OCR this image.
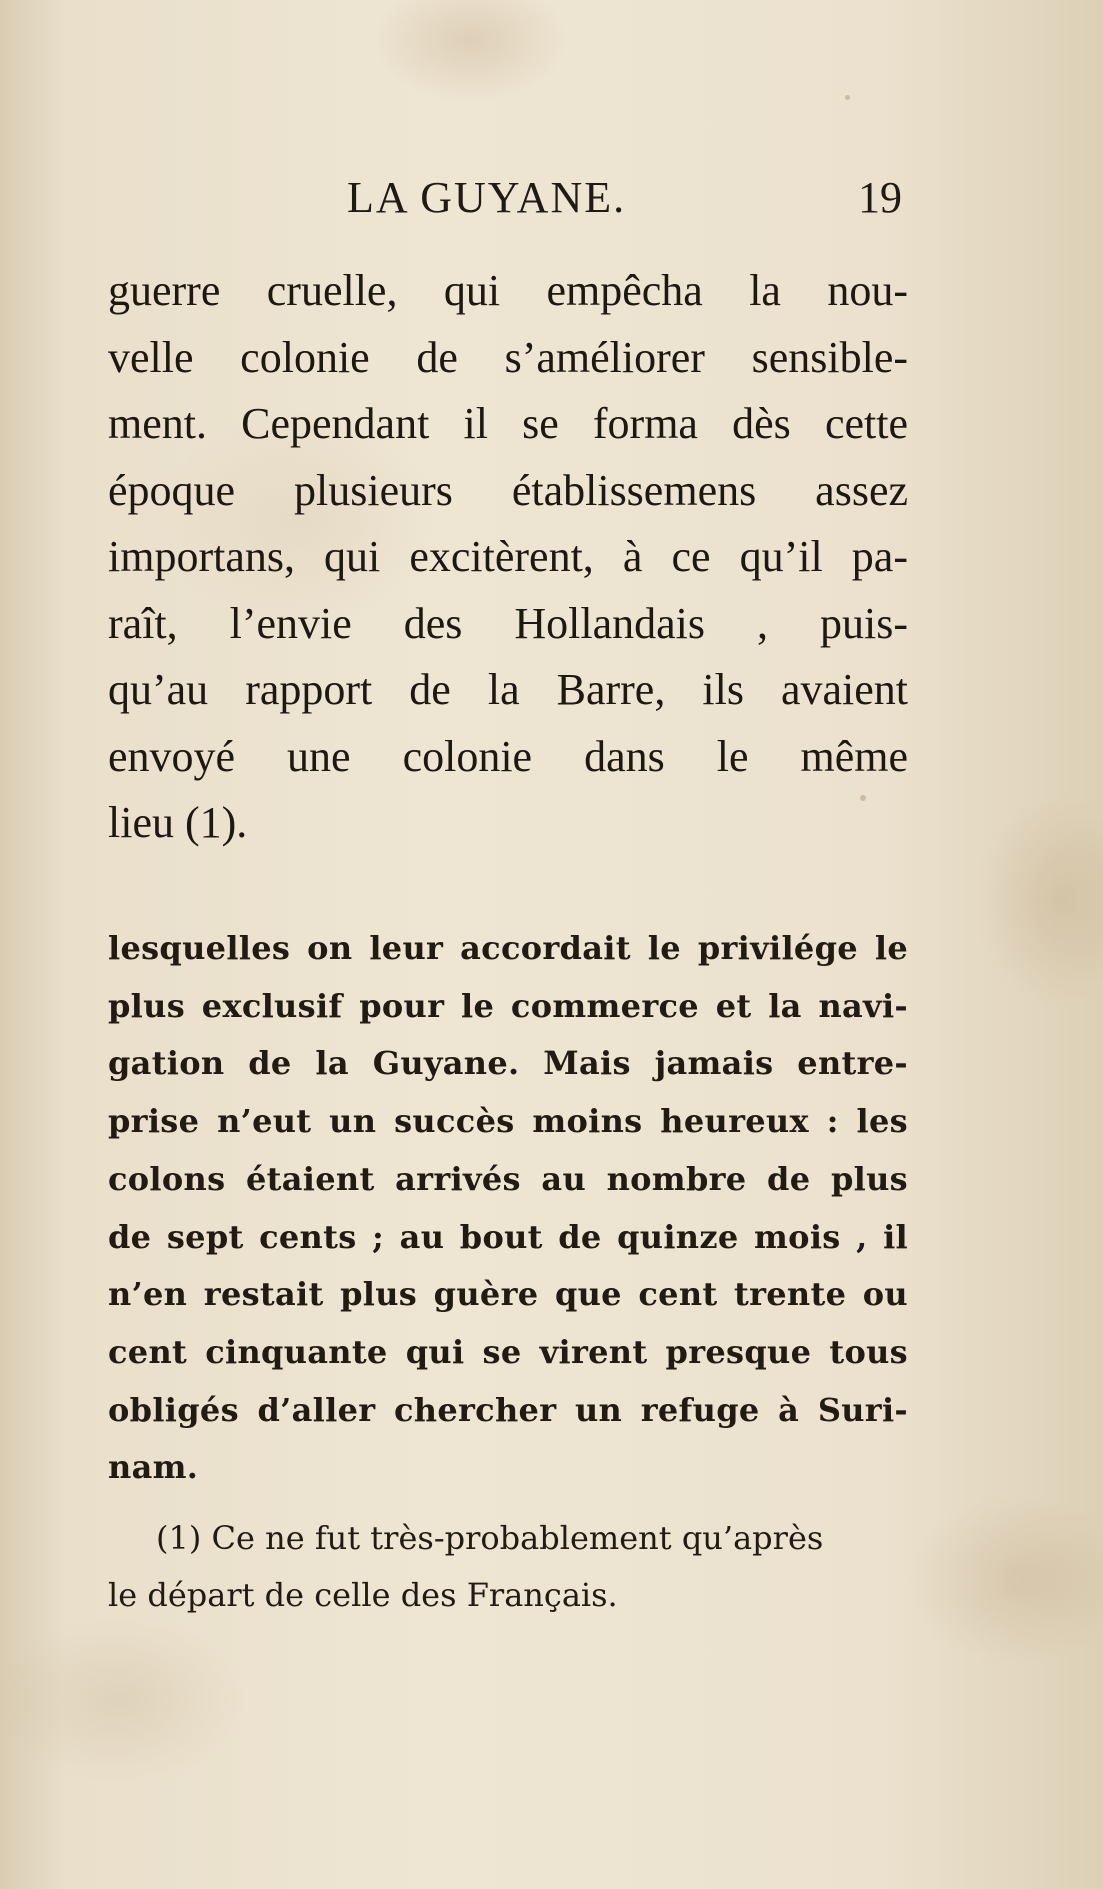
LA GUYANE.	19
guerre cruelle, qui empêcha la nou-
velle colonie de s’améliorer sensible-
ment. Cependant il se forma dès cette
époque plusieurs établissemens assez
importans, qui excitèrent, à ce qu’il pa-
raît, l’envie des Hollandais , puis-
qu’au rapport de la Barre, ils avaient
envoyé une colonie dans le même
lieu (1).
lesquelles on leur accordait le privilége le
plus exclusif pour le commerce et la navi-
gation de la Guyane. Mais jamais entre-
prise n’eut un succès moins heureux : les
colons étaient arrivés au nombre de plus
de sept cents ; au bout de quinze mois , il
n’en restait plus guère que cent trente ou
cent cinquante qui se virent presque tous
obligés d’aller chercher un refuge à Suri-
nam.
(1) Ce ne fut très-probablement qu’après
le départ de celle des Français.
